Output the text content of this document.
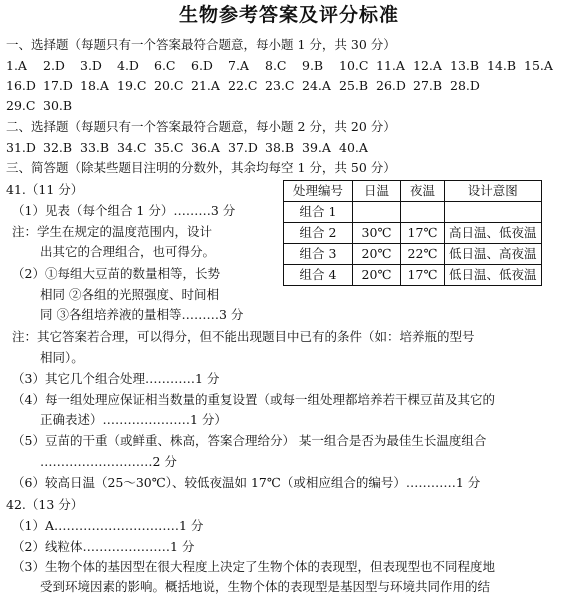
生物参考答案及评分标准
一、选择题（每题只有一个答案最符合题意，每小题 1 分，共 30 分）
1.A 2.D 3.D 4.D 6.C 6.D 7.A 8.C 9.B 10.C 11.A 12.A 13.B 14.B 15.A
16.D 17.D 18.A 19.C 20.C 21.A 22.C 23.C 24.A 25.B 26.D 27.B 28.D
29.C 30.B
二、选择题（每题只有一个答案最符合题意，每小题 2 分，共 20 分）
31.D 32.B 33.B 34.C 35.C 36.A 37.D 38.B 39.A 40.A
三、简答题（除某些题目注明的分数外，其余均每空 1 分，共 50 分）
41.（11 分）
（1）见表（每个组合 1 分）………3 分
注：学生在规定的温度范围内，设计
出其它的合理组合，也可得分。
（2）①每组大豆苗的数量相等，长势
相同 ②各组的光照强度、时间相
同 ③各组培养液的量相等………3 分
注：其它答案若合理，可以得分，但不能出现题目中已有的条件（如：培养瓶的型号
相同）。
（3）其它几个组合处理…………1 分
（4）每一组处理应保证相当数量的重复设置（或每一组处理都培养若干棵豆苗及其它的
正确表述）…………………1 分）
（5）豆苗的干重（或鲜重、株高，答案合理给分） 某一组合是否为最佳生长温度组合
………………………2 分
（6）较高日温（25～30℃）、较低夜温如 17℃（或相应组合的编号）…………1 分
42.（13 分）
（1）A…………………………1 分
（2）线粒体…………………1 分
（3）生物个体的基因型在很大程度上决定了生物个体的表现型，但表现型也不同程度地
受到环境因素的影响。概括地说，生物个体的表现型是基因型与环境共同作用的结
处理编号	日温	夜温	设计意图
组合 1			
组合 2	30℃	17℃	高日温、低夜温
组合 3	20℃	22℃	低日温、高夜温
组合 4	20℃	17℃	低日温、低夜温
